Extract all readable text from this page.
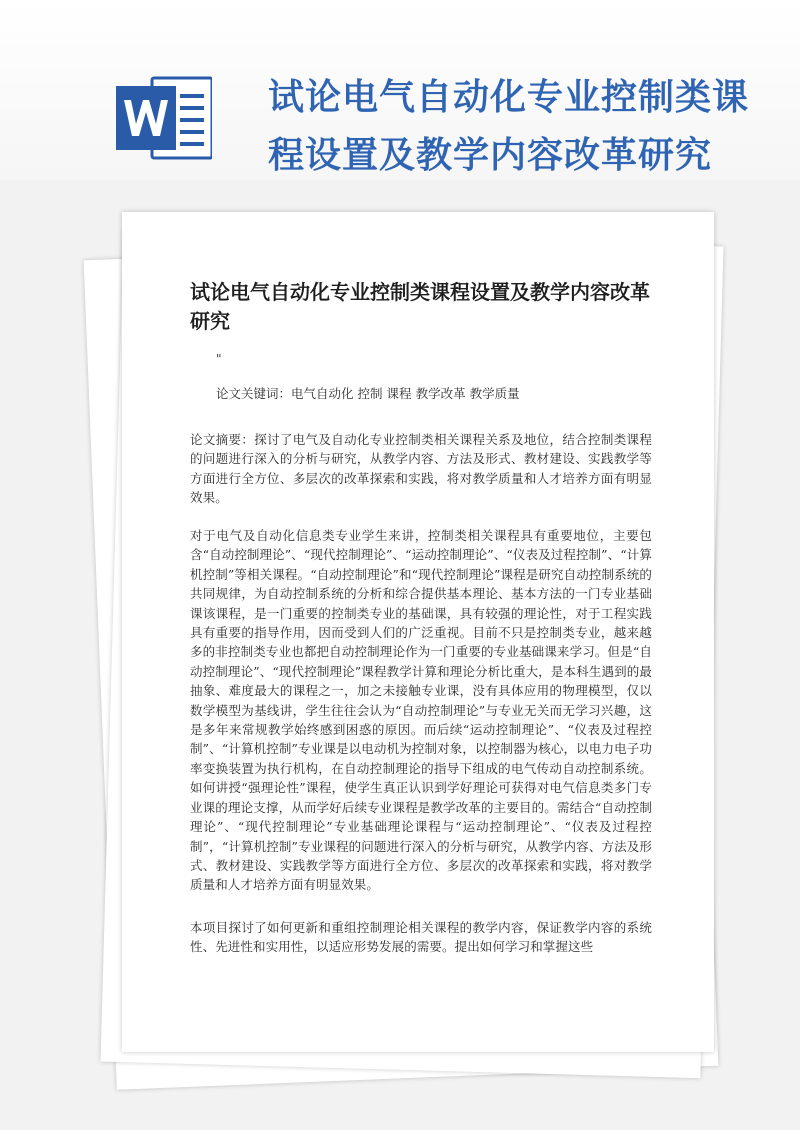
试论电气自动化专业控制类课程设置及教学内容改革研究
试论电气自动化专业控制类课程设置及教学内容改革研究
"
论文关键词：电气自动化 控制 课程 教学改革 教学质量

论文摘要：探讨了电气及自动化专业控制类相关课程关系及地位，结合控制类课程的问题进行深入的分析与研究，从教学内容、方法及形式、教材建设、实践教学等方面进行全方位、多层次的改革探索和实践，将对教学质量和人才培养方面有明显效果。

对于电气及自动化信息类专业学生来讲，控制类相关课程具有重要地位，主要包含“自动控制理论”、“现代控制理论”、“运动控制理论”、“仪表及过程控制”、“计算机控制”等相关课程。“自动控制理论”和“现代控制理论”课程是研究自动控制系统的共同规律，为自动控制系统的分析和综合提供基本理论、基本方法的一门专业基础课该课程，是一门重要的控制类专业的基础课，具有较强的理论性，对于工程实践具有重要的指导作用，因而受到人们的广泛重视。目前不只是控制类专业，越来越多的非控制类专业也都把自动控制理论作为一门重要的专业基础课来学习。但是“自动控制理论”、“现代控制理论”课程教学计算和理论分析比重大，是本科生遇到的最抽象、难度最大的课程之一，加之未接触专业课，没有具体应用的物理模型，仅以数学模型为基线讲，学生往往会认为“自动控制理论”与专业无关而无学习兴趣，这是多年来常规教学始终感到困惑的原因。而后续“运动控制理论”、“仪表及过程控制”、“计算机控制”专业课是以电动机为控制对象，以控制器为核心，以电力电子功率变换装置为执行机构，在自动控制理论的指导下组成的电气传动自动控制系统。如何讲授“强理论性”课程，使学生真正认识到学好理论可获得对电气信息类多门专业课的理论支撑，从而学好后续专业课程是教学改革的主要目的。需结合“自动控制理论”、“现代控制理论”专业基础理论课程与“运动控制理论”、“仪表及过程控制”，“计算机控制”专业课程的问题进行深入的分析与研究，从教学内容、方法及形式、教材建设、实践教学等方面进行全方位、多层次的改革探索和实践，将对教学质量和人才培养方面有明显效果。

本项目探讨了如何更新和重组控制理论相关课程的教学内容，保证教学内容的系统性、先进性和实用性，以适应形势发展的需要。提出如何学习和掌握这些
